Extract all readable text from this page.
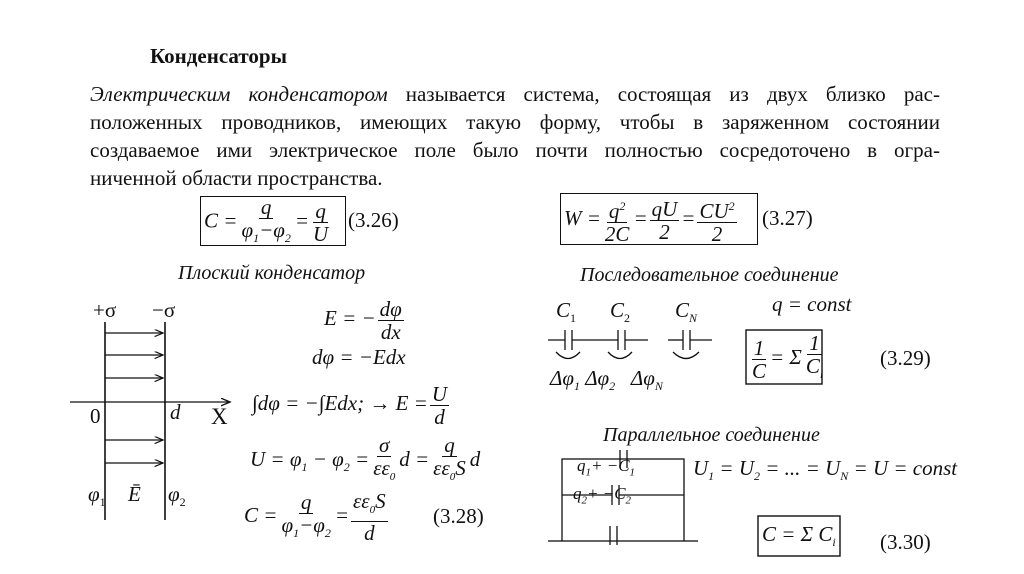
Конденсаторы
Электрическим конденсатором называется система, состоящая из двух близко рас-
положенных проводников, имеющих такую форму, чтобы в заряженном состоянии
создаваемое ими электрическое поле было почти полностью сосредоточено в огра-
ниченной области пространства.
$C = \frac{q}{\varphi_1-\varphi_2} = \frac{q}{U} (3.26)$	$W = \frac{q^2}{2C} = \frac{qU}{2} = \frac{CU^2}{2} (3.27)$
Плоский конденсатор	Последовательное соединение
Параллельное соединение
+σ −σ
0	d X
$\varphi_1$ Ē $\varphi_2$
E = − $\frac{d\varphi}{dx}$
dφ = −Edx
∫dφ = −∫Edx; → $E = \frac{U}{d}$
$U = \varphi_1 - \varphi_2 = \frac{\sigma}{\varepsilon\varepsilon_0}$ $d = \frac{q}{\varepsilon\varepsilon_0S}$ d
$C = \frac{q}{\varphi_1-\varphi_2} = \frac{\varepsilon\varepsilon_0S}{d} (3.28)$
q = const
$C_1$ $C_2$ $C_N$
$\Delta\varphi_1$ $\Delta\varphi_2$   $\Delta\varphi_N$
$\frac{1}{C} = \Sigma \frac{1}{C_i}$	(3.29)
$q_1+ -C_1$
$q_2+ -C_2$
$U_1 = U_2$ = ... = $U_N = U$ = const
C = Σ $C_i$ (3.30)
